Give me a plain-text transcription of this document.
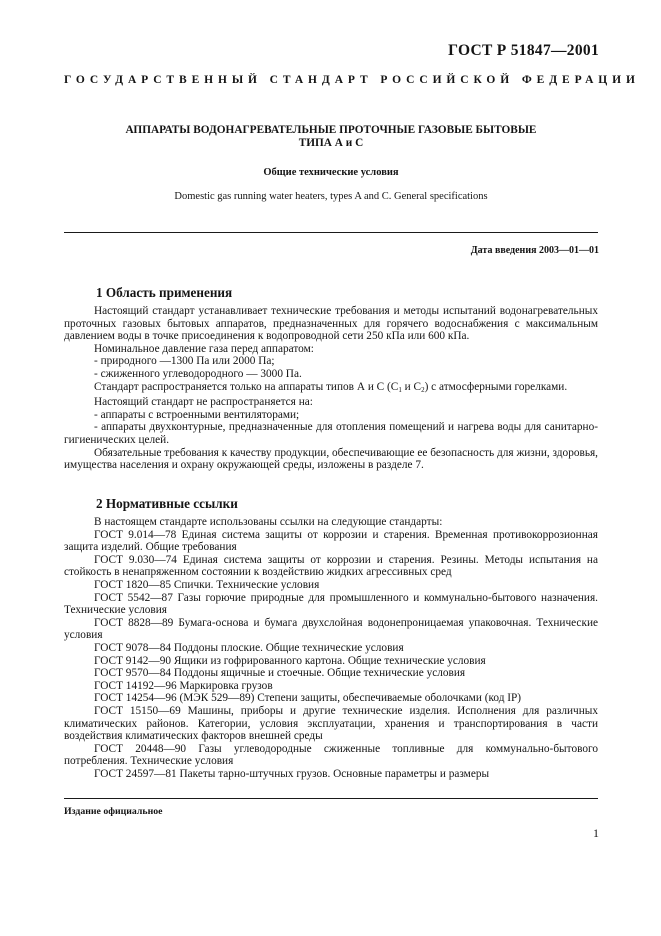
ГОСТ Р 51847—2001
ГОСУДАРСТВЕННЫЙ СТАНДАРТ РОССИЙСКОЙ ФЕДЕРАЦИИ
АППАРАТЫ ВОДОНАГРЕВАТЕЛЬНЫЕ ПРОТОЧНЫЕ ГАЗОВЫЕ БЫТОВЫЕ
ТИПА А и С
Общие технические условия
Domestic gas running water heaters, types A and C. General specifications
Дата введения 2003—01—01
1 Область применения

Настоящий стандарт устанавливает технические требования и методы испытаний водонагревательных проточных газовых бытовых аппаратов, предназначенных для горячего водоснабжения с максимальным давлением воды в точке присоединения к водопроводной сети 250 кПа или 600 кПа.

Номинальное давление газа перед аппаратом:

- природного —1300 Па или 2000 Па;

- сжиженного углеводородного — 3000 Па.

Стандарт распространяется только на аппараты типов А и С ($С_1$ и $С_2$) с атмосферными горелками.

Настоящий стандарт не распространяется на:

- аппараты с встроенными вентиляторами;

- аппараты двухконтурные, предназначенные для отопления помещений и нагрева воды для санитарно-гигиенических целей.

Обязательные требования к качеству продукции, обеспечивающие ее безопасность для жизни, здоровья, имущества населения и охрану окружающей среды, изложены в разделе 7.

2 Нормативные ссылки

В настоящем стандарте использованы ссылки на следующие стандарты:

ГОСТ 9.014—78 Единая система защиты от коррозии и старения. Временная противокоррозионная защита изделий. Общие требования

ГОСТ 9.030—74 Единая система защиты от коррозии и старения. Резины. Методы испытания на стойкость в ненапряженном состоянии к воздействию жидких агрессивных сред

ГОСТ 1820—85 Спички. Технические условия

ГОСТ 5542—87 Газы горючие природные для промышленного и коммунально-бытового назначения. Технические условия

ГОСТ 8828—89 Бумага-основа и бумага двухслойная водонепроницаемая упаковочная. Технические условия

ГОСТ 9078—84 Поддоны плоские. Общие технические условия

ГОСТ 9142—90 Ящики из гофрированного картона. Общие технические условия

ГОСТ 9570—84 Поддоны ящичные и стоечные. Общие технические условия

ГОСТ 14192—96 Маркировка грузов

ГОСТ 14254—96 (МЭК 529—89) Степени защиты, обеспечиваемые оболочками (код IP)

ГОСТ 15150—69 Машины, приборы и другие технические изделия. Исполнения для различных климатических районов. Категории, условия эксплуатации, хранения и транспортирования в части воздействия климатических факторов внешней среды

ГОСТ 20448—90 Газы углеводородные сжиженные топливные для коммунально-бытового потребления. Технические условия

ГОСТ 24597—81 Пакеты тарно-штучных грузов. Основные параметры и размеры

Издание официальное
1
